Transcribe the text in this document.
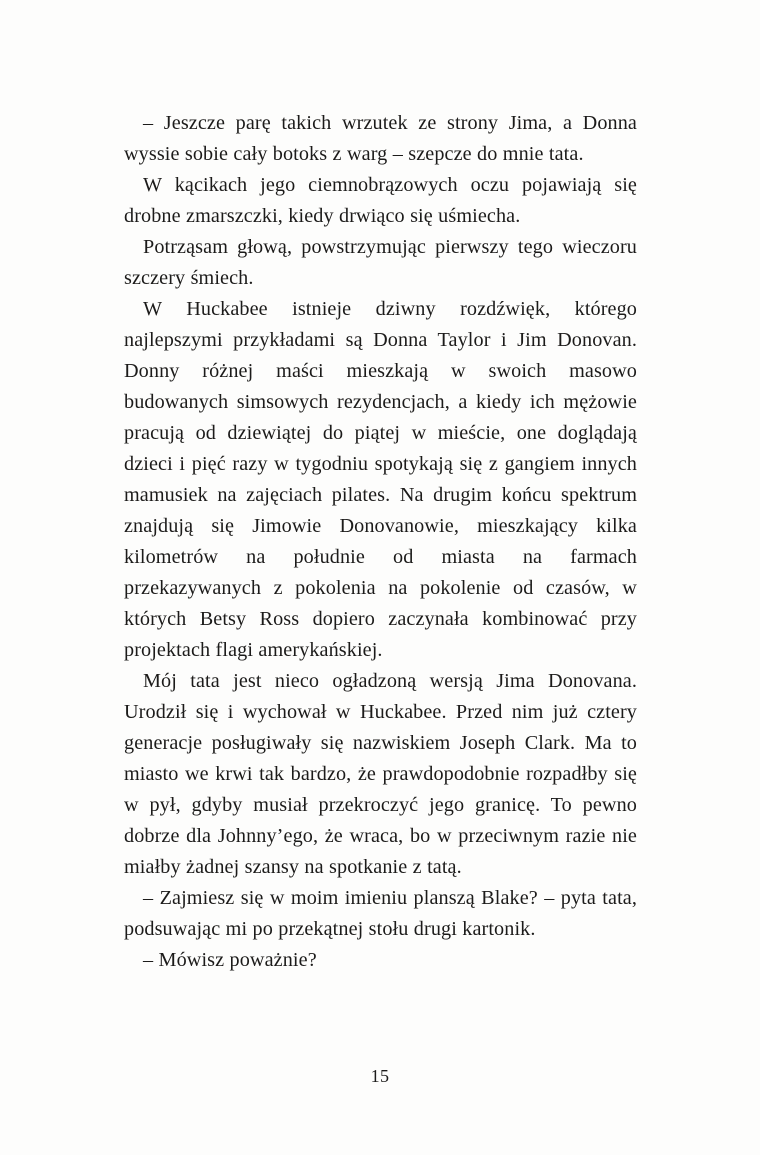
– Jeszcze parę takich wrzutek ze strony Jima, a Donna wyssie sobie cały botoks z warg – szepcze do mnie tata.

W kącikach jego ciemnobrązowych oczu pojawiają się drobne zmarszczki, kiedy drwiąco się uśmiecha.

Potrząsam głową, powstrzymując pierwszy tego wieczoru szczery śmiech.

W Huckabee istnieje dziwny rozdźwięk, którego najlepszymi przykładami są Donna Taylor i Jim Donovan. Donny różnej maści mieszkają w swoich masowo budowanych simsowych rezydencjach, a kiedy ich mężowie pracują od dziewiątej do piątej w mieście, one doglądają dzieci i pięć razy w tygodniu spotykają się z gangiem innych mamusiek na zajęciach pilates. Na drugim końcu spektrum znajdują się Jimowie Donovanowie, mieszkający kilka kilometrów na południe od miasta na farmach przekazywanych z pokolenia na pokolenie od czasów, w których Betsy Ross dopiero zaczynała kombinować przy projektach flagi amerykańskiej.

Mój tata jest nieco ogładzoną wersją Jima Donovana. Urodził się i wychował w Huckabee. Przed nim już cztery generacje posługiwały się nazwiskiem Joseph Clark. Ma to miasto we krwi tak bardzo, że prawdopodobnie rozpadłby się w pył, gdyby musiał przekroczyć jego granicę. To pewno dobrze dla Johnny’ego, że wraca, bo w przeciwnym razie nie miałby żadnej szansy na spotkanie z tatą.

– Zajmiesz się w moim imieniu planszą Blake? – pyta tata, podsuwając mi po przekątnej stołu drugi kartonik.

– Mówisz poważnie?

15
